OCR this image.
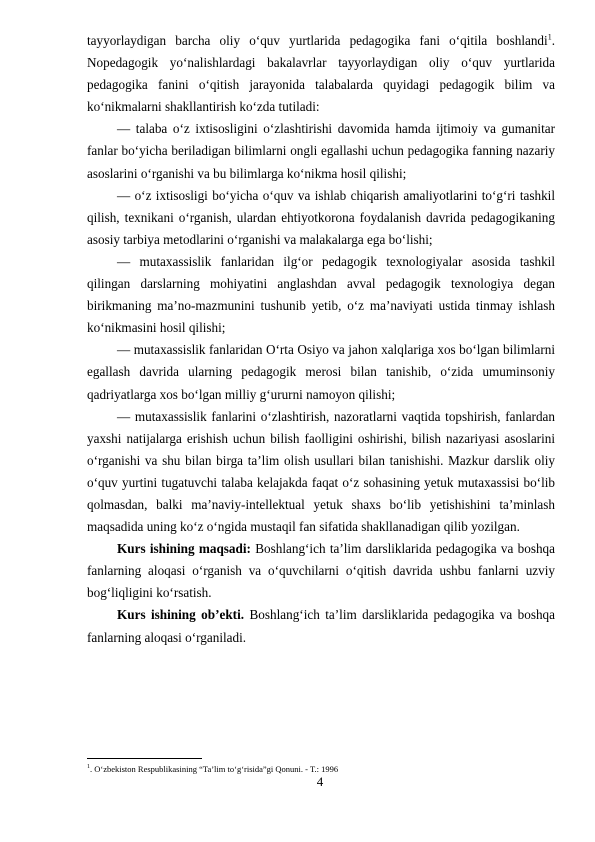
tayyorlaydigan barcha oliy o‘quv yurtlarida pedagogika fani o‘qitila boshlandi$^1$. Nopedagogik yo‘nalishlardagi bakalavrlar tayyorlaydigan oliy o‘quv yurtlarida pedagogika fanini o‘qitish jarayonida talabalarda quyidagi pedagogik bilim va ko‘nikmalarni shakllantirish ko‘zda tutiladi:

— talaba o‘z ixtisosligini o‘zlashtirishi davomida hamda ijtimoiy va gumanitar fanlar bo‘yicha beriladigan bilimlarni ongli egallashi uchun pedagogika fanning nazariy asoslarini o‘rganishi va bu bilimlarga ko‘nikma hosil qilishi;

— o‘z ixtisosligi bo‘yicha o‘quv va ishlab chiqarish amaliyotlarini to‘g‘ri tashkil qilish, texnikani o‘rganish, ulardan ehtiyotkorona foydalanish davrida pedagogikaning asosiy tarbiya metodlarini o‘rganishi va malakalarga ega bo‘lishi;

— mutaxassislik fanlaridan ilg‘or pedagogik texnologiyalar asosida tashkil qilingan darslarning mohiyatini anglashdan avval pedagogik texnologiya degan birikmaning ma’no-mazmunini tushunib yetib, o‘z ma’naviyati ustida tinmay ishlash ko‘nikmasini hosil qilishi;

— mutaxassislik fanlaridan O‘rta Osiyo va jahon xalqlariga xos bo‘lgan bilimlarni egallash davrida ularning pedagogik merosi bilan tanishib, o‘zida umuminsoniy qadriyatlarga xos bo‘lgan milliy g‘ururni namoyon qilishi;

— mutaxassislik fanlarini o‘zlashtirish, nazoratlarni vaqtida topshirish, fanlardan yaxshi natijalarga erishish uchun bilish faolligini oshirishi, bilish nazariyasi asoslarini o‘rganishi va shu bilan birga ta’lim olish usullari bilan tanishishi. Mazkur darslik oliy o‘quv yurtini tugatuvchi talaba kelajakda faqat o‘z sohasining yetuk mutaxassisi bo‘lib qolmasdan, balki ma’naviy-intellektual yetuk shaxs bo‘lib yetishishini ta’minlash maqsadida uning ko‘z o‘ngida mustaqil fan sifatida shakllanadigan qilib yozilgan.

Kurs ishining maqsadi: Boshlang‘ich ta’lim darsliklarida pedagogika va boshqa fanlarning aloqasi o‘rganish va o‘quvchilarni o‘qitish davrida ushbu fanlarni uzviy bog‘liqligini ko‘rsatish.

Kurs ishining ob’ekti. Boshlang‘ich ta’lim darsliklarida pedagogika va boshqa fanlarning aloqasi o‘rganiladi.

$^1$. O‘zbekiston Respublikasining “Ta’lim to‘g‘risida”gi Qonuni. - T.: 1996
4
